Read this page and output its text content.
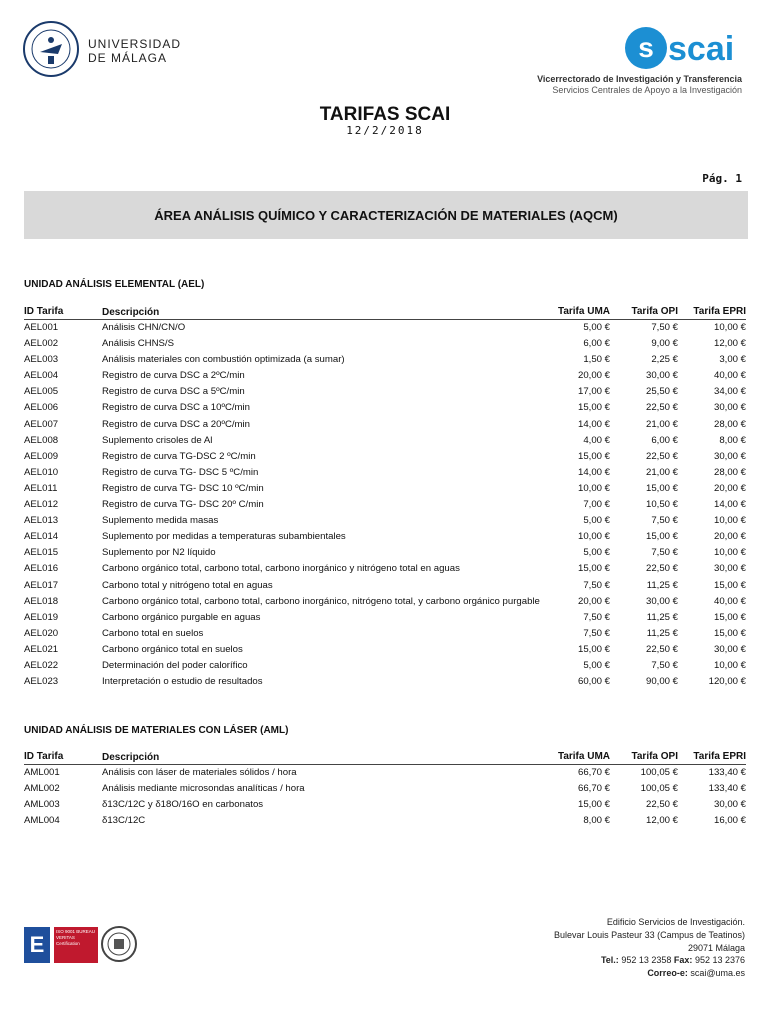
UNIVERSIDAD
DE MÁLAGA	s scai
Vicerrectorado de Investigación y Transferencia
Servicios Centrales de Apoyo a la Investigación
TARIFAS SCAI
12/2/2018
Pág. 1
ÁREA ANÁLISIS QUÍMICO Y CARACTERIZACIÓN DE MATERIALES (AQCM)
UNIDAD ANÁLISIS ELEMENTAL (AEL)
ID Tarifa	Descripción	Tarifa UMA Tarifa OPI Tarifa EPRI
AEL001	Análisis CHN/CN/O	5,00 €	7,50 €	10,00 €
AEL002	Análisis CHNS/S	6,00 €	9,00 €	12,00 €
AEL003	Análisis materiales con combustión optimizada (a sumar)	1,50 €	2,25 €	3,00 €
AEL004	Registro de curva DSC a 2ºC/min	20,00 €	30,00 €	40,00 €
AEL005	Registro de curva DSC a 5ºC/min	17,00 €	25,50 €	34,00 €
AEL006	Registro de curva DSC a 10ºC/min	15,00 €	22,50 €	30,00 €
AEL007	Registro de curva DSC a 20ºC/min	14,00 €	21,00 €	28,00 €
AEL008	Suplemento crisoles de Al	4,00 €	6,00 €	8,00 €
AEL009	Registro de curva TG-DSC 2 ºC/min	15,00 €	22,50 €	30,00 €
AEL010	Registro de curva TG- DSC 5 ºC/min	14,00 €	21,00 €	28,00 €
AEL011	Registro de curva TG- DSC 10 ºC/min	10,00 €	15,00 €	20,00 €
AEL012	Registro de curva TG- DSC 20º C/min	7,00 €	10,50 €	14,00 €
AEL013	Suplemento medida masas	5,00 €	7,50 €	10,00 €
AEL014	Suplemento por medidas a temperaturas subambientales	10,00 €	15,00 €	20,00 €
AEL015	Suplemento por N2 líquido	5,00 €	7,50 €	10,00 €
AEL016	Carbono orgánico total, carbono total, carbono inorgánico y nitrógeno total en aguas	15,00 €	22,50 €	30,00 €
AEL017	Carbono total y nitrógeno total en aguas	7,50 €	11,25 €	15,00 €
AEL018	Carbono orgánico total, carbono total, carbono inorgánico, nitrógeno total, y carbono orgánico purgable	20,00 €	30,00 €	40,00 €
AEL019	Carbono orgánico purgable en aguas	7,50 €	11,25 €	15,00 €
AEL020	Carbono total en suelos	7,50 €	11,25 €	15,00 €
AEL021	Carbono orgánico total en suelos	15,00 €	22,50 €	30,00 €
AEL022	Determinación del poder calorífico	5,00 €	7,50 €	10,00 €
AEL023	Interpretación o estudio de resultados	60,00 €	90,00 €	120,00 €
UNIDAD ANÁLISIS DE MATERIALES CON LÁSER (AML)
ID Tarifa	Descripción	Tarifa UMA Tarifa OPI Tarifa EPRI
AML001	Análisis con láser de materiales sólidos / hora	66,70 €	100,05 €	133,40 €
AML002	Análisis mediante microsondas analíticas / hora	66,70 €	100,05 €	133,40 €
AML003	δ13C/12C y δ18O/16O en carbonatos	15,00 €	22,50 €	30,00 €
AML004	δ13C/12C	8,00 €	12,00 €	16,00 €
E
ISO 9001 BUREAU VERITAS Certification
Edificio Servicios de Investigación.
Bulevar Louis Pasteur 33 (Campus de Teatinos)
29071 Málaga
Tel.: 952 13 2358 Fax: 952 13 2376
Correo-e: scai@uma.es
